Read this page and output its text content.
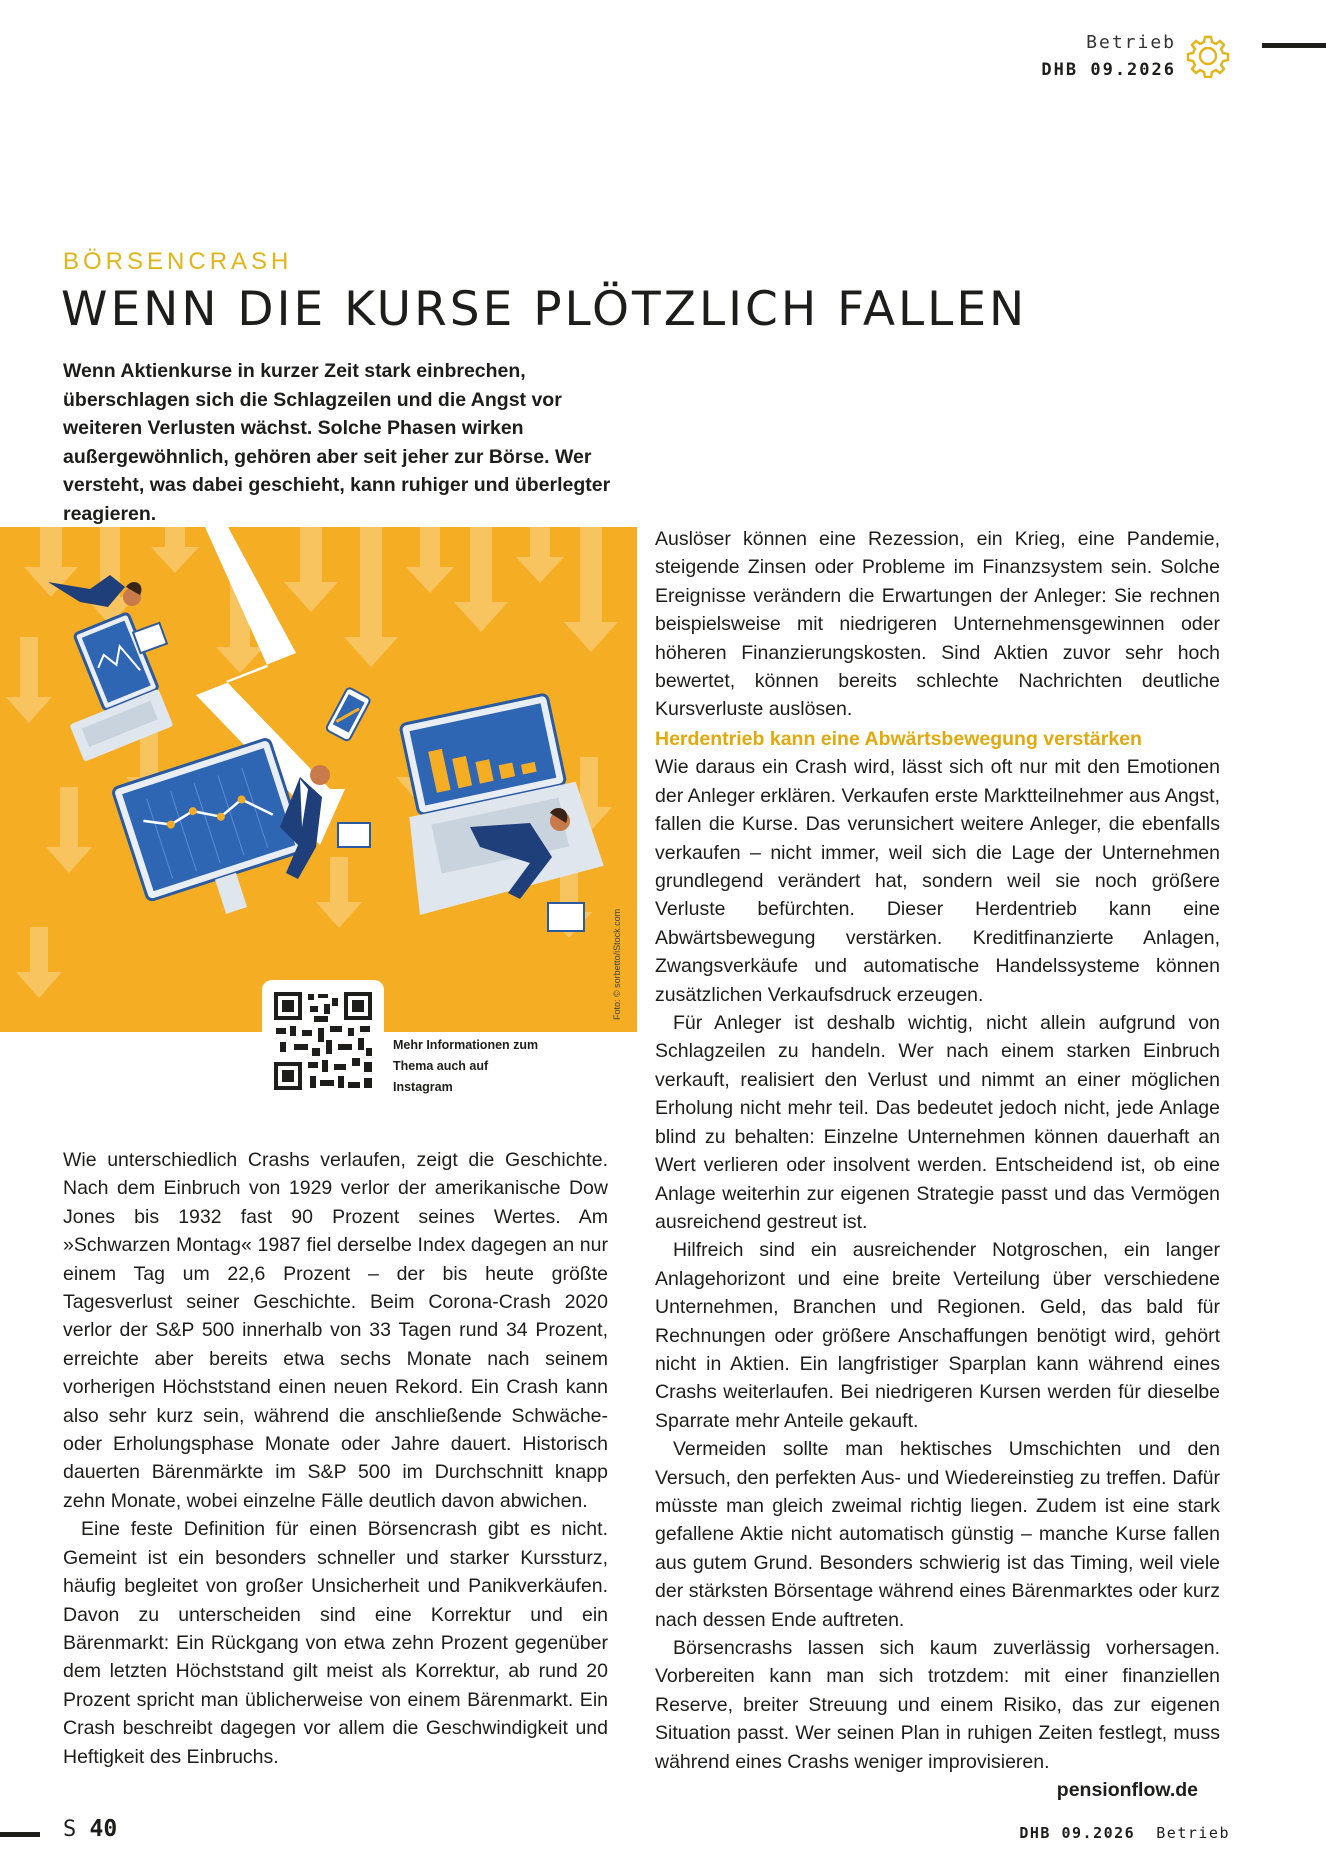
Betrieb
DHB 09.2026
BÖRSENCRASH
WENN DIE KURSE PLÖTZLICH FALLEN
Wenn Aktienkurse in kurzer Zeit stark einbrechen, überschlagen sich die Schlagzeilen und die Angst vor weiteren Verlusten wächst. Solche Phasen wirken außergewöhnlich, gehören aber seit jeher zur Börse. Wer versteht, was dabei geschieht, kann ruhiger und überlegter reagieren.
Foto: © sorbetto/iStock.com
Mehr Informationen zum Thema auch auf Instagram

Wie unterschiedlich Crashs verlaufen, zeigt die Geschichte. Nach dem Einbruch von 1929 verlor der amerikanische Dow Jones bis 1932 fast 90 Prozent seines Wertes. Am »Schwarzen Montag« 1987 fiel derselbe Index dagegen an nur einem Tag um 22,6 Prozent – der bis heute größte Tagesverlust seiner Geschichte. Beim Corona-Crash 2020 verlor der S&P 500 innerhalb von 33 Tagen rund 34 Prozent, erreichte aber bereits etwa sechs Monate nach seinem vorherigen Höchststand einen neuen Rekord. Ein Crash kann also sehr kurz sein, während die anschließende Schwäche- oder Erholungsphase Monate oder Jahre dauert. Historisch dauerten Bärenmärkte im S&P 500 im Durchschnitt knapp zehn Monate, wobei einzelne Fälle deutlich davon abwichen.

Eine feste Definition für einen Börsencrash gibt es nicht. Gemeint ist ein besonders schneller und starker Kurssturz, häufig begleitet von großer Unsicherheit und Panikverkäufen. Davon zu unterscheiden sind eine Korrektur und ein Bärenmarkt: Ein Rückgang von etwa zehn Prozent gegenüber dem letzten Höchststand gilt meist als Korrektur, ab rund 20 Prozent spricht man üblicherweise von einem Bärenmarkt. Ein Crash beschreibt dagegen vor allem die Geschwindigkeit und Heftigkeit des Einbruchs.

Auslöser können eine Rezession, ein Krieg, eine Pandemie, steigende Zinsen oder Probleme im Finanzsystem sein. Solche Ereignisse verändern die Erwartungen der Anleger: Sie rechnen beispielsweise mit niedrigeren Unternehmensgewinnen oder höheren Finanzierungskosten. Sind Aktien zuvor sehr hoch bewertet, können bereits schlechte Nachrichten deutliche Kursverluste auslösen.

Herdentrieb kann eine Abwärtsbewegung verstärken

Wie daraus ein Crash wird, lässt sich oft nur mit den Emotionen der Anleger erklären. Verkaufen erste Marktteilnehmer aus Angst, fallen die Kurse. Das verunsichert weitere Anleger, die ebenfalls verkaufen – nicht immer, weil sich die Lage der Unternehmen grundlegend verändert hat, sondern weil sie noch größere Verluste befürchten. Dieser Herdentrieb kann eine Abwärtsbewegung verstärken. Kreditfinanzierte Anlagen, Zwangsverkäufe und automatische Handelssysteme können zusätzlichen Verkaufsdruck erzeugen.

Für Anleger ist deshalb wichtig, nicht allein aufgrund von Schlagzeilen zu handeln. Wer nach einem starken Einbruch verkauft, realisiert den Verlust und nimmt an einer möglichen Erholung nicht mehr teil. Das bedeutet jedoch nicht, jede Anlage blind zu behalten: Einzelne Unternehmen können dauerhaft an Wert verlieren oder insolvent werden. Entscheidend ist, ob eine Anlage weiterhin zur eigenen Strategie passt und das Vermögen ausreichend gestreut ist.

Hilfreich sind ein ausreichender Notgroschen, ein langer Anlagehorizont und eine breite Verteilung über verschiedene Unternehmen, Branchen und Regionen. Geld, das bald für Rechnungen oder größere Anschaffungen benötigt wird, gehört nicht in Aktien. Ein langfristiger Sparplan kann während eines Crashs weiterlaufen. Bei niedrigeren Kursen werden für dieselbe Sparrate mehr Anteile gekauft.

Vermeiden sollte man hektisches Umschichten und den Versuch, den perfekten Aus- und Wiedereinstieg zu treffen. Dafür müsste man gleich zweimal richtig liegen. Zudem ist eine stark gefallene Aktie nicht automatisch günstig – manche Kurse fallen aus gutem Grund. Besonders schwierig ist das Timing, weil viele der stärksten Börsentage während eines Bärenmarktes oder kurz nach dessen Ende auftreten.

Börsencrashs lassen sich kaum zuverlässig vorhersagen. Vorbereiten kann man sich trotzdem: mit einer finanziellen Reserve, breiter Streuung und einem Risiko, das zur eigenen Situation passt. Wer seinen Plan in ruhigen Zeiten festlegt, muss während eines Crashs weniger improvisieren.
pensionflow.de

S 40	DHB 09.2026 Betrieb
